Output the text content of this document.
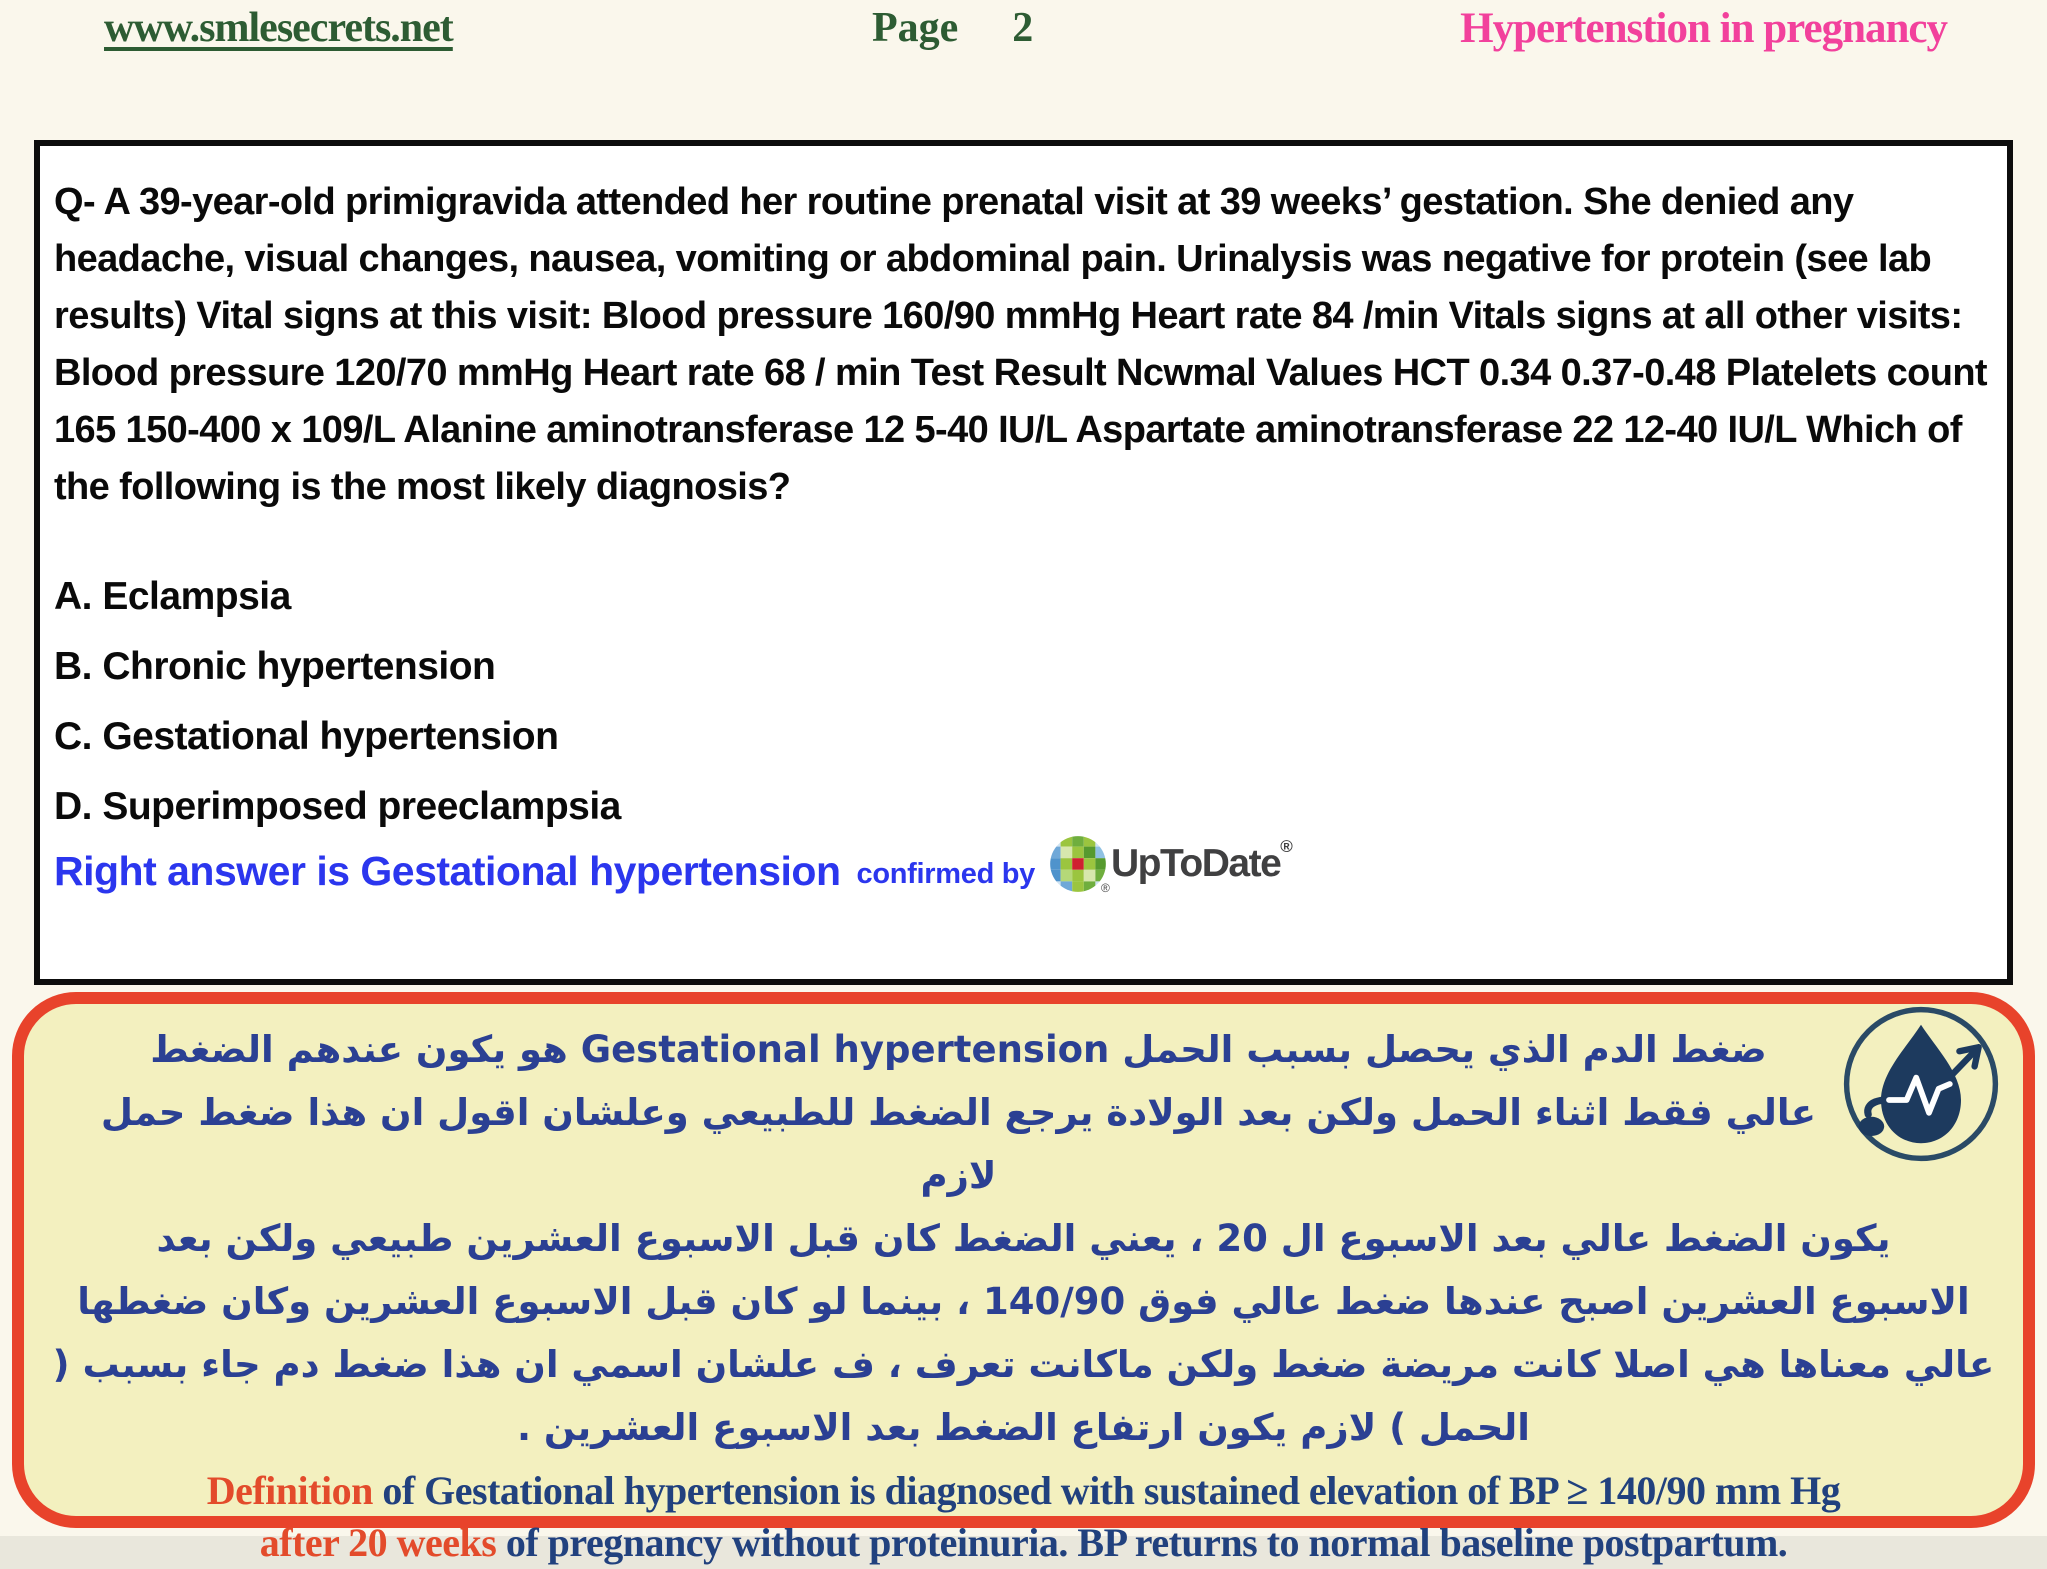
www.smlesecrets.net	Page 2	Hypertenstion in pregnancy
Q- A 39-year-old primigravida attended her routine prenatal visit at 39 weeks’ gestation. She denied any headache, visual changes, nausea, vomiting or abdominal pain. Urinalysis was negative for protein (see lab results) Vital signs at this visit: Blood pressure 160/90 mmHg Heart rate 84 /min Vitals signs at all other visits: Blood pressure 120/70 mmHg Heart rate 68 / min Test Result Ncwmal Values HCT 0.34 0.37-0.48 Platelets count 165 150-400 x 109/L Alanine aminotransferase 12 5-40 IU/L Aspartate aminotransferase 22 12-40 IU/L Which of the following is the most likely diagnosis?
A. Eclampsia
B. Chronic hypertension
C. Gestational hypertension
D. Superimposed preeclampsia
Right answer is Gestational hypertension confirmed by	®
UpToDate ®
ضغط الدم الذي يحصل بسبب الحمل Gestational hypertension هو يكون عندهم الضغط
عالي فقط اثناء الحمل ولكن بعد الولادة يرجع الضغط للطبيعي وعلشان اقول ان هذا ضغط حمل لازم
يكون الضغط عالي بعد الاسبوع ال 20 ، يعني الضغط كان قبل الاسبوع العشرين طبيعي ولكن بعد
الاسبوع العشرين اصبح عندها ضغط عالي فوق 140/90 ، بينما لو كان قبل الاسبوع العشرين وكان ضغطها
عالي معناها هي اصلا كانت مريضة ضغط ولكن ماكانت تعرف ، ف علشان اسمي ان هذا ضغط دم جاء بسبب (
الحمل ) لازم يكون ارتفاع الضغط بعد الاسبوع العشرين .
Definition of Gestational hypertension is diagnosed with sustained elevation of BP ≥ 140/90 mm Hg
after 20 weeks of pregnancy without proteinuria. BP returns to normal baseline postpartum.
